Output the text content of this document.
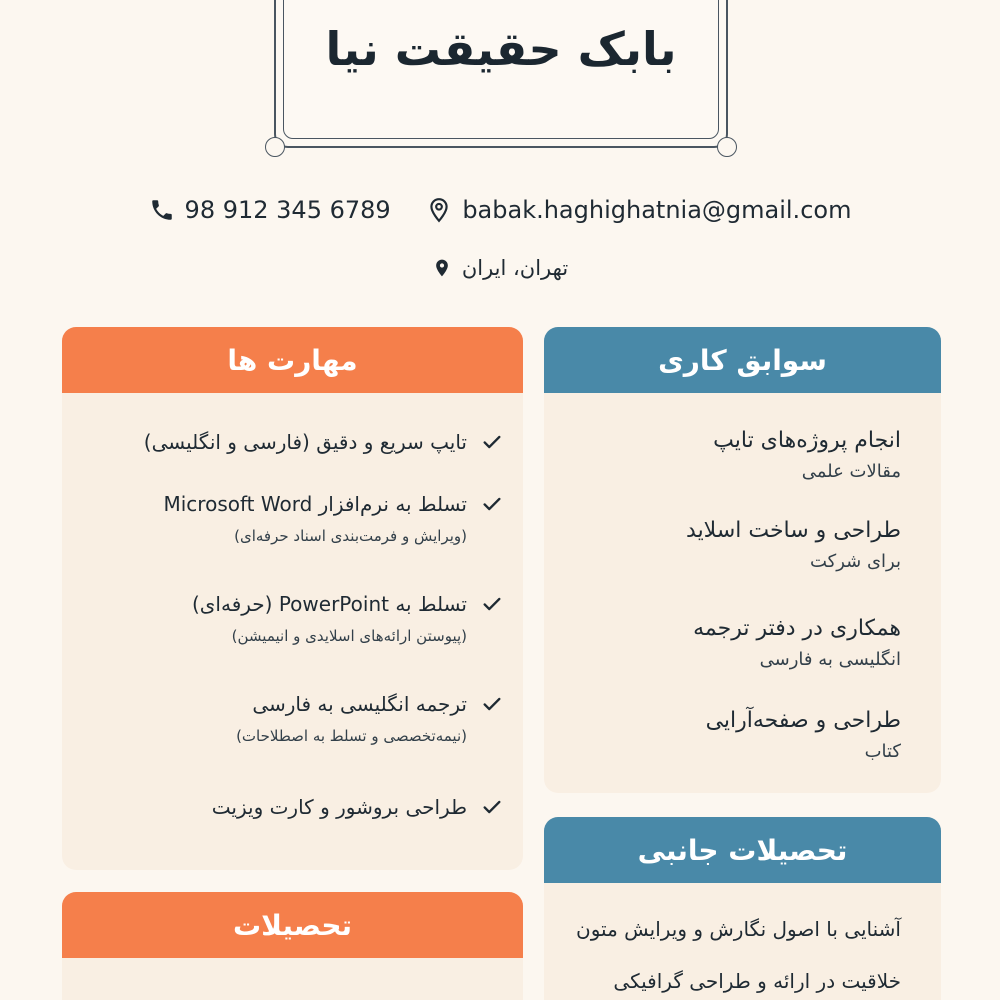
بابک حقیقت نیا
98 912 345 6789
	babak.haghighatnia@gmail.com
تهران، ایران
مهارت ها
تایپ سریع و دقیق (فارسی و انگلیسی)
تسلط به نرم‌افزار Microsoft Word
(ویرایش و فرمت‌بندی اسناد حرفه‌ای)
تسلط به PowerPoint (حرفه‌ای)
(پیوستن ارائه‌های اسلایدی و انیمیشن)
ترجمه انگلیسی به فارسی
(نیمه‌تخصصی و تسلط به اصطلاحات)
طراحی بروشور و کارت ویزیت
تحصیلات
سوابق کاری
انجام پروژه‌های تایپ
مقالات علمی
طراحی و ساخت اسلاید
برای شرکت
همکاری در دفتر ترجمه
انگلیسی به فارسی
طراحی و صفحه‌آرایی
کتاب
تحصیلات جانبی
آشنایی با اصول نگارش و ویرایش متون
خلاقیت در ارائه و طراحی گرافیکی
